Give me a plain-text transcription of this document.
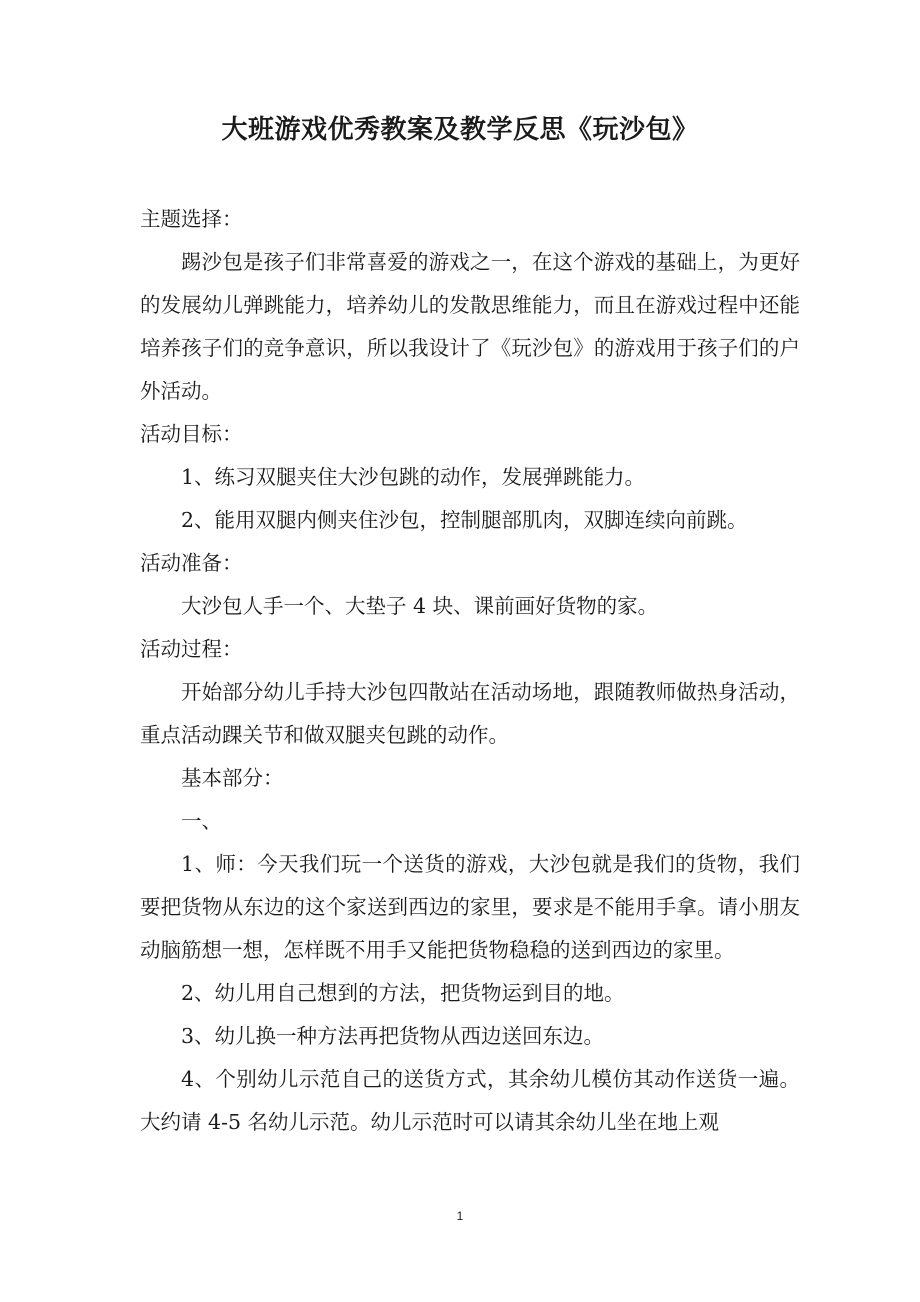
大班游戏优秀教案及教学反思《玩沙包》

主题选择：

踢沙包是孩子们非常喜爱的游戏之一，在这个游戏的基础上，为更好的发展幼儿弹跳能力，培养幼儿的发散思维能力，而且在游戏过程中还能培养孩子们的竞争意识，所以我设计了《玩沙包》的游戏用于孩子们的户外活动。

活动目标：

1、练习双腿夹住大沙包跳的动作，发展弹跳能力。

2、能用双腿内侧夹住沙包，控制腿部肌肉，双脚连续向前跳。

活动准备：

大沙包人手一个、大垫子 4 块、课前画好货物的家。

活动过程：

开始部分幼儿手持大沙包四散站在活动场地，跟随教师做热身活动，重点活动踝关节和做双腿夹包跳的动作。

基本部分：

一、

1、师：今天我们玩一个送货的游戏，大沙包就是我们的货物，我们要把货物从东边的这个家送到西边的家里，要求是不能用手拿。请小朋友动脑筋想一想，怎样既不用手又能把货物稳稳的送到西边的家里。

2、幼儿用自己想到的方法，把货物运到目的地。

3、幼儿换一种方法再把货物从西边送回东边。

4、个别幼儿示范自己的送货方式，其余幼儿模仿其动作送货一遍。大约请 4-5 名幼儿示范。幼儿示范时可以请其余幼儿坐在地上观

1
